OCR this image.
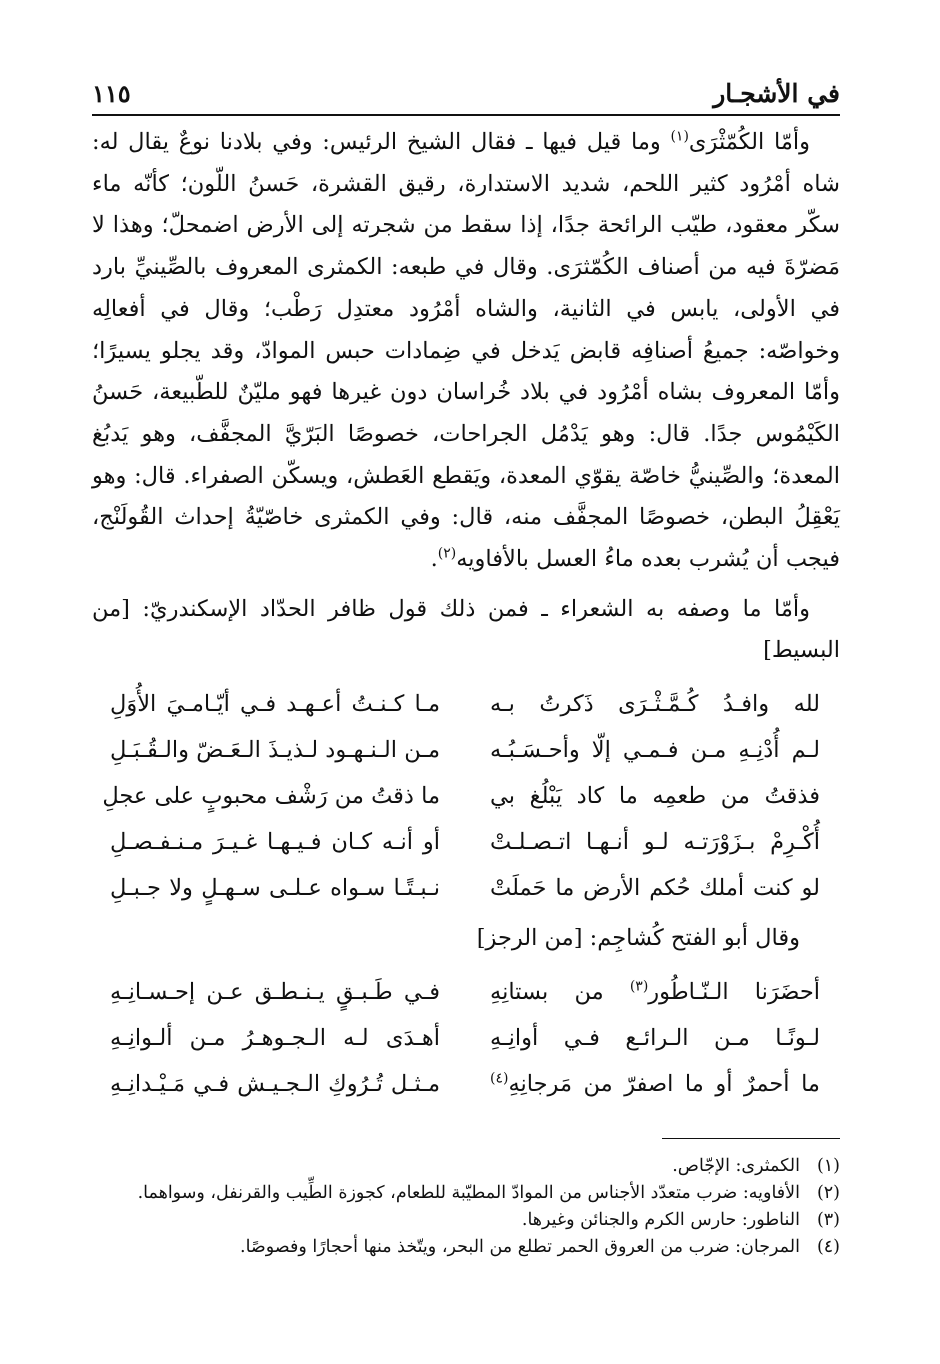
في الأشجـار
١١٥

وأمّا الكُمّثْرَى$^{(١)}$ وما قيل فيها ـ فقال الشيخ الرئيس: وفي بلادنا نوعٌ يقال له: شاه أمْرُود كثير اللحم، شديد الاستدارة، رقيق القشرة، حَسنُ اللّون؛ كأنّه ماء سكّر معقود، طيّب الرائحة جدًا، إذا سقط من شجرته إلى الأرض اضمحلّ؛ وهذا لا مَضرّةَ فيه من أصناف الكُمّثرَى. وقال في طبعه: الكمثرى المعروف بالصِّينيِّ بارد في الأولى، يابس في الثانية، والشاه أمْرُود معتدِل رَطْب؛ وقال في أفعالِه وخواصّه: جميعُ أصنافِه قابض يَدخل في ضِمادات حبس الموادّ، وقد يجلو يسيرًا؛ وأمّا المعروف بشاه أمْرُود في بلاد خُراسان دون غيرها فهو مليّنٌ للطّبيعة، حَسنُ الكَيْمُوس جدًا. قال: وهو يَدْمُل الجراحات، خصوصًا البَرّيَّ المجفَّف، وهو يَدبُغ المعدة؛ والصِّينيُّ خاصّة يقوّي المعدة، ويَقطع العَطش، ويسكّن الصفراء. قال: وهو يَعْقِلُ البطن، خصوصًا المجفَّف منه، قال: وفي الكمثرى خاصّيّةُ إحداث القُولَنْج، فيجب أن يُشرب بعده ماءُ العسل بالأفاويه$^{(٢)}$.

وأمّا ما وصفه به الشعراء ـ فمن ذلك قول ظافر الحدّاد الإسكندريّ: [من البسيط]

لله وافـدُ كُـمَّـثْـرَى ذَكرتُ بـه
مـا كـنـتُ أعـهـد فـي أيّـامـيَ الأُوَلِ
لـم أُدْنِـهِ مـن فـمـي إلّا وأحـسَـبُـه
مـن الـنـهـود لـذيـذَ الـعَـضّ والـقُـبَـلِ
فذقتُ من طعمِه ما كاد يَبْلُغ بي
ما ذقتُ من رَشْف محبوبٍ على عجلِ
أُكْـرِمْ بـزَوْرَتـه لـو أنـهـا اتـصـلـتْ
أو أنـه كـان فـيـهـا غـيـرَ مـنـفـصـلِ
لو كنت أملك حُكم الأرض ما حَملَتْ
نـبـتًـا سـواه عـلـى سـهـلٍ ولا جـبـلِ
وقال أبو الفتح كُشاجِم: [من الرجز]
أحضَرَنا الـنّـاطُور$^{(٣)}$ من بستانِهِ
فـي طَـبـقٍ يـنـطـق عـن إحـسـانِـهِ
لـونًـا مـن الـرائـع فـي أوانِـهِ
أهـدَى لـه الـجـوهـرُ مـن ألـوانِـهِ
ما أحمرٌ أو ما اصفرّ من مَرجانِهِ$^{(٤)}$
مـثـل تُـرُوكِ الـجـيـش فـي مَـيْـدانِـهِ

(١)
الكمثرى: الإجّاص.

(٢)
الأفاويه: ضرب متعدّد الأجناس من الموادّ المطيّبة للطعام، كجوزة الطِّيب والقرنفل، وسواهما.

(٣)
الناطور: حارس الكرم والجنائن وغيرها.

(٤)
المرجان: ضرب من العروق الحمر تطلع من البحر، ويتّخذ منها أحجارًا وفصوصًا.
